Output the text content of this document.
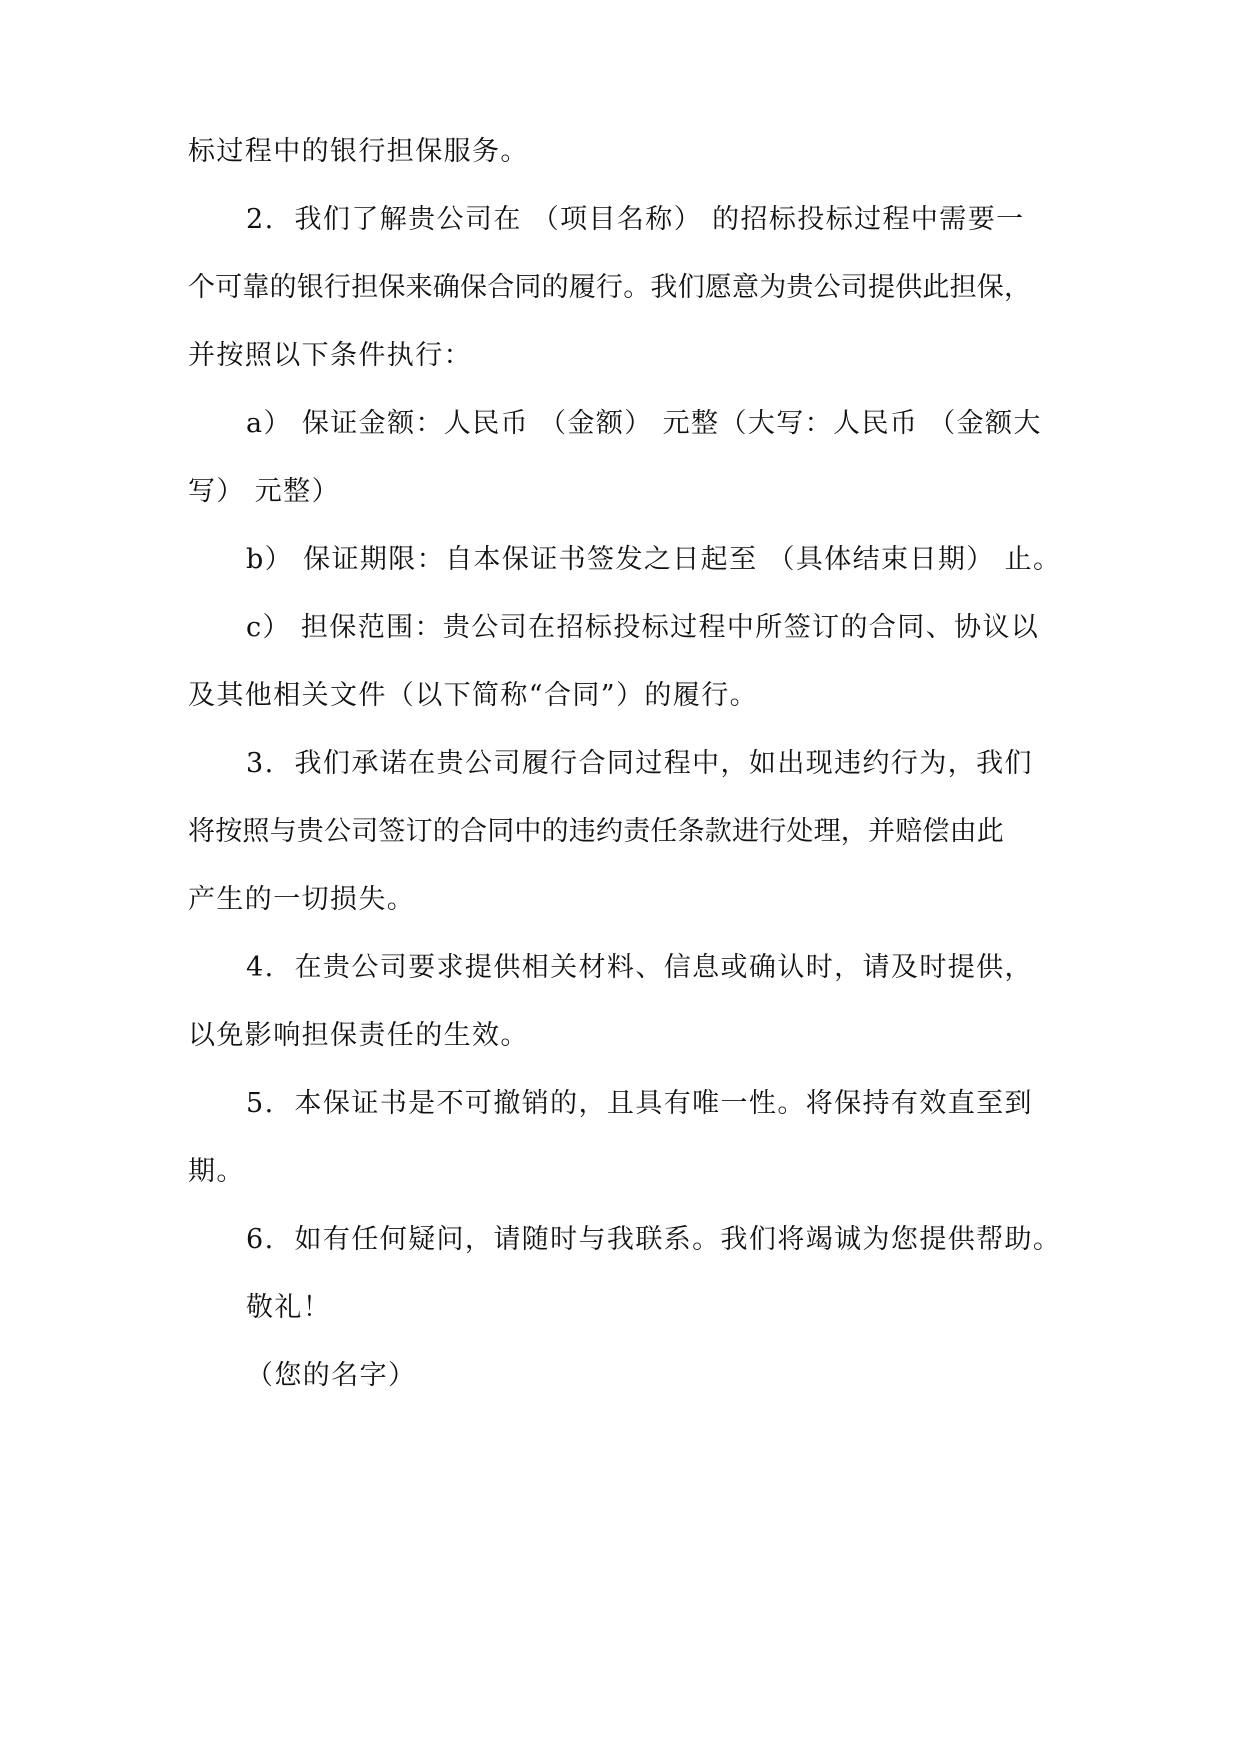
标过程中的银行担保服务。
2.  我们了解贵公司在 （项目名称） 的招标投标过程中需要一
个可靠的银行担保来确保合同的履行。我们愿意为贵公司提供此担保，
并按照以下条件执行：
a） 保证金额：人民币 （金额） 元整（大写：人民币 （金额大
写） 元整）
b） 保证期限：自本保证书签发之日起至 （具体结束日期） 止。
c） 担保范围：贵公司在招标投标过程中所签订的合同、协议以
及其他相关文件（以下简称“合同”）的履行。
3.  我们承诺在贵公司履行合同过程中，如出现违约行为，我们
将按照与贵公司签订的合同中的违约责任条款进行处理，并赔偿由此
产生的一切损失。
4.  在贵公司要求提供相关材料、信息或确认时，请及时提供，
以免影响担保责任的生效。
5.  本保证书是不可撤销的，且具有唯一性。将保持有效直至到
期。
6.  如有任何疑问，请随时与我联系。我们将竭诚为您提供帮助。
敬礼！
（您的名字）
